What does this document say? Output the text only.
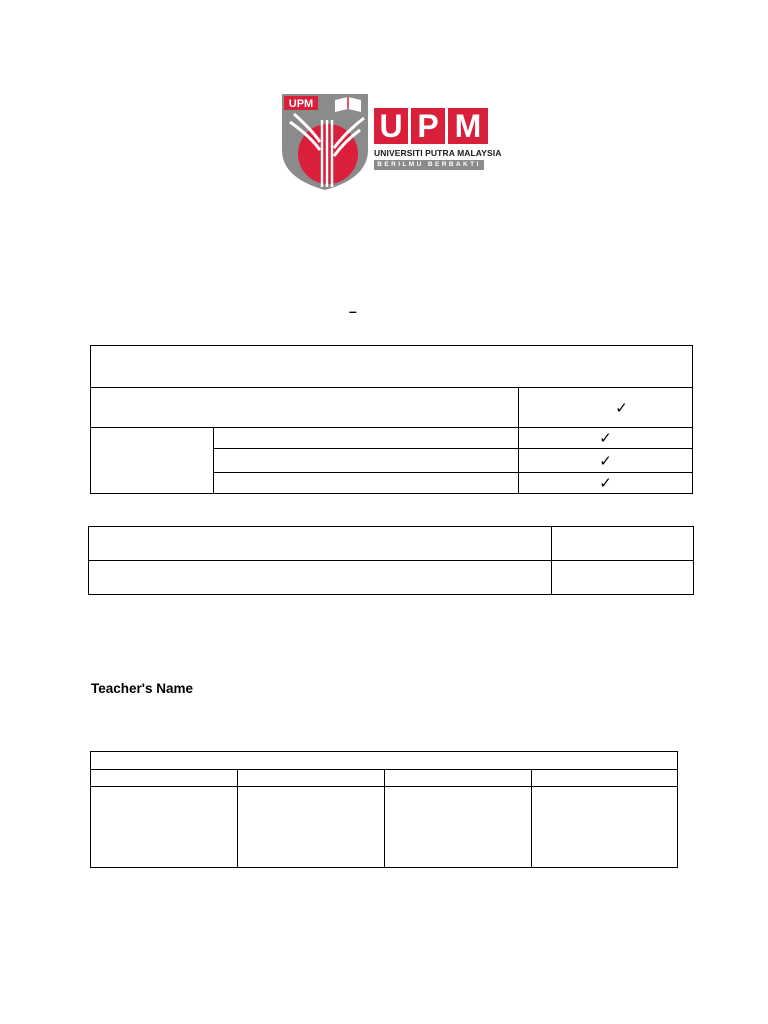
UPM
U P M
UNIVERSITI PUTRA MALAYSIA
BERILMU BERBAKTI
–

		✓
		✓
		✓
		✓

Teacher's Name
